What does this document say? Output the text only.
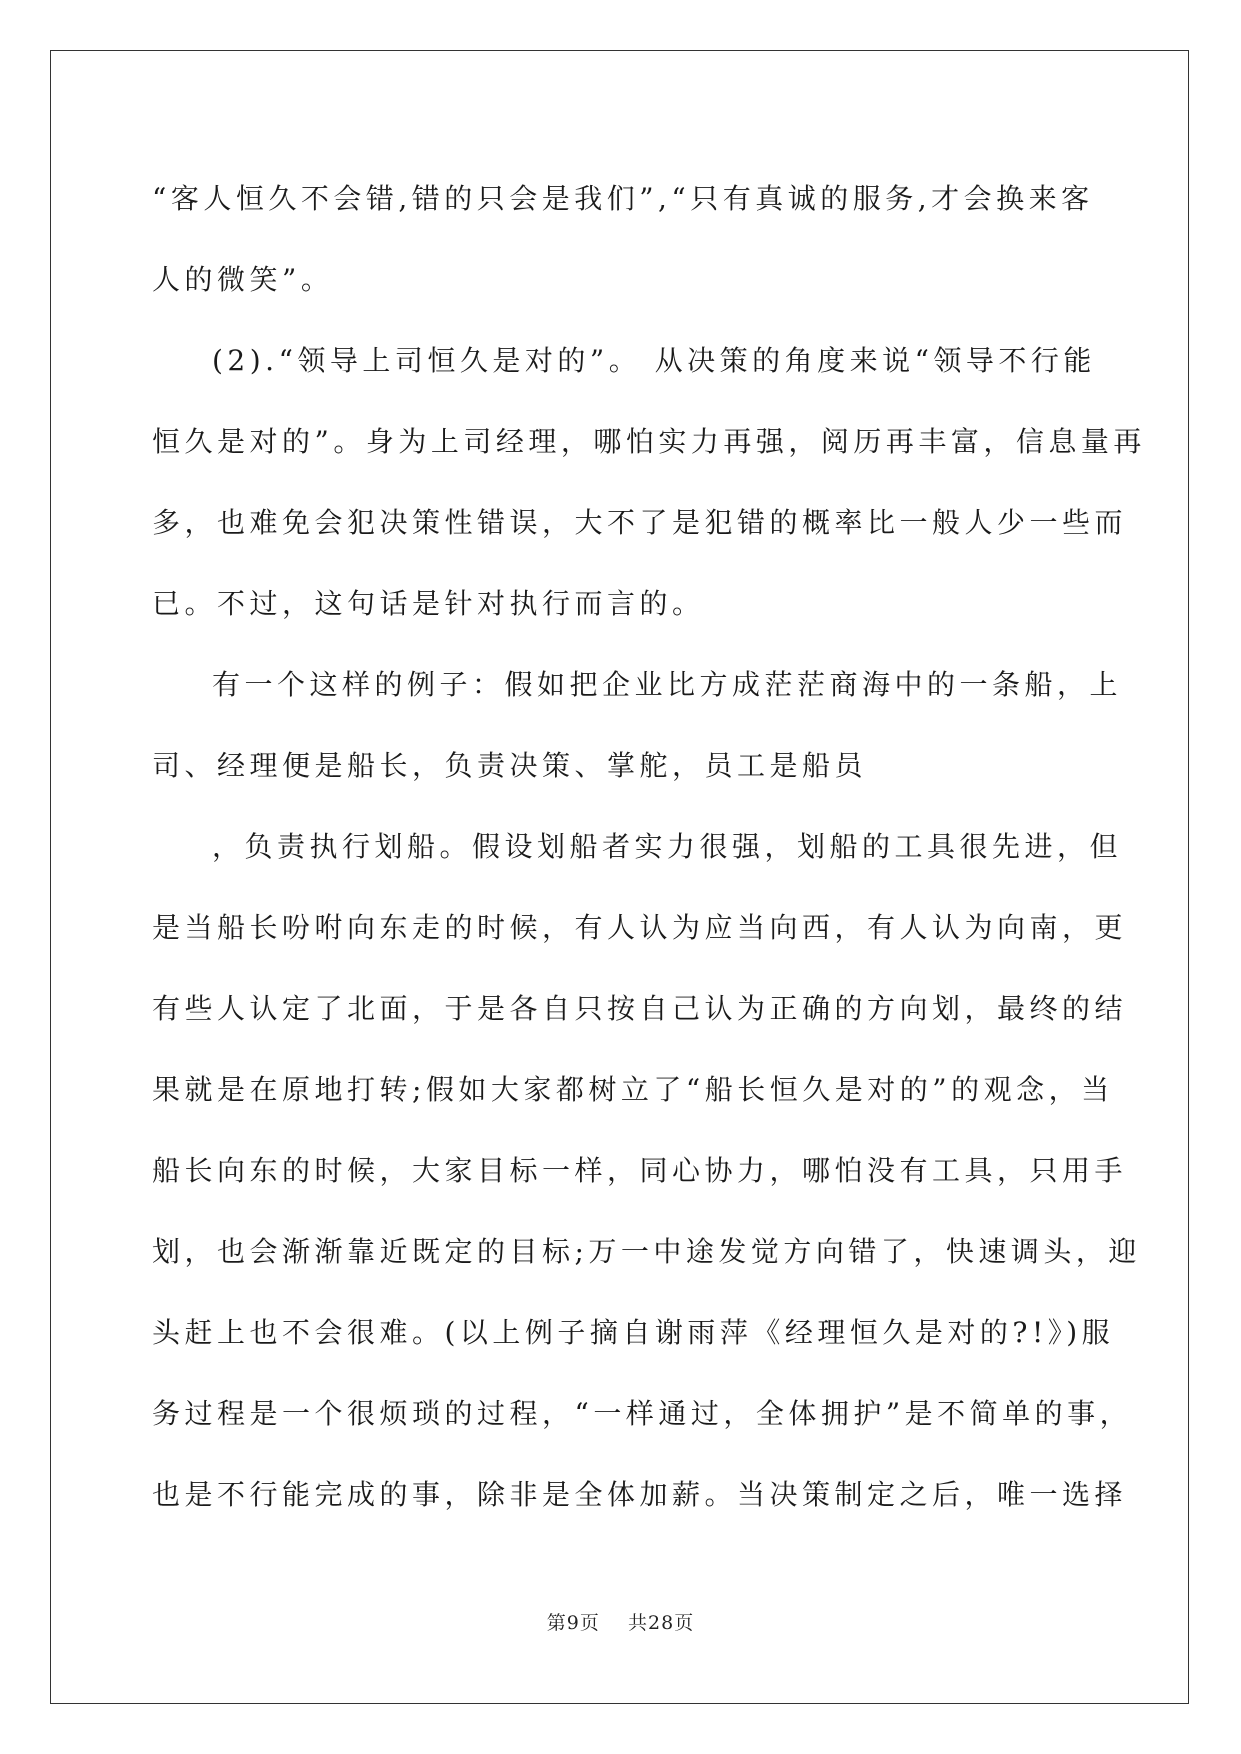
“客人恒久不会错,错的只会是我们”,“只有真诚的服务,才会换来客
人的微笑”。
(2).“领导上司恒久是对的”。 从决策的角度来说“领导不行能
恒久是对的”。身为上司经理，哪怕实力再强，阅历再丰富，信息量再
多，也难免会犯决策性错误，大不了是犯错的概率比一般人少一些而
已。不过，这句话是针对执行而言的。
有一个这样的例子：假如把企业比方成茫茫商海中的一条船，上
司、经理便是船长，负责决策、掌舵，员工是船员
，负责执行划船。假设划船者实力很强，划船的工具很先进，但
是当船长吩咐向东走的时候，有人认为应当向西，有人认为向南，更
有些人认定了北面，于是各自只按自己认为正确的方向划，最终的结
果就是在原地打转;假如大家都树立了“船长恒久是对的”的观念，当
船长向东的时候，大家目标一样，同心协力，哪怕没有工具，只用手
划，也会渐渐靠近既定的目标;万一中途发觉方向错了，快速调头，迎
头赶上也不会很难。(以上例子摘自谢雨萍《经理恒久是对的?!》)服
务过程是一个很烦琐的过程，“一样通过，全体拥护”是不简单的事，
也是不行能完成的事，除非是全体加薪。当决策制定之后，唯一选择
第9页 共28页
